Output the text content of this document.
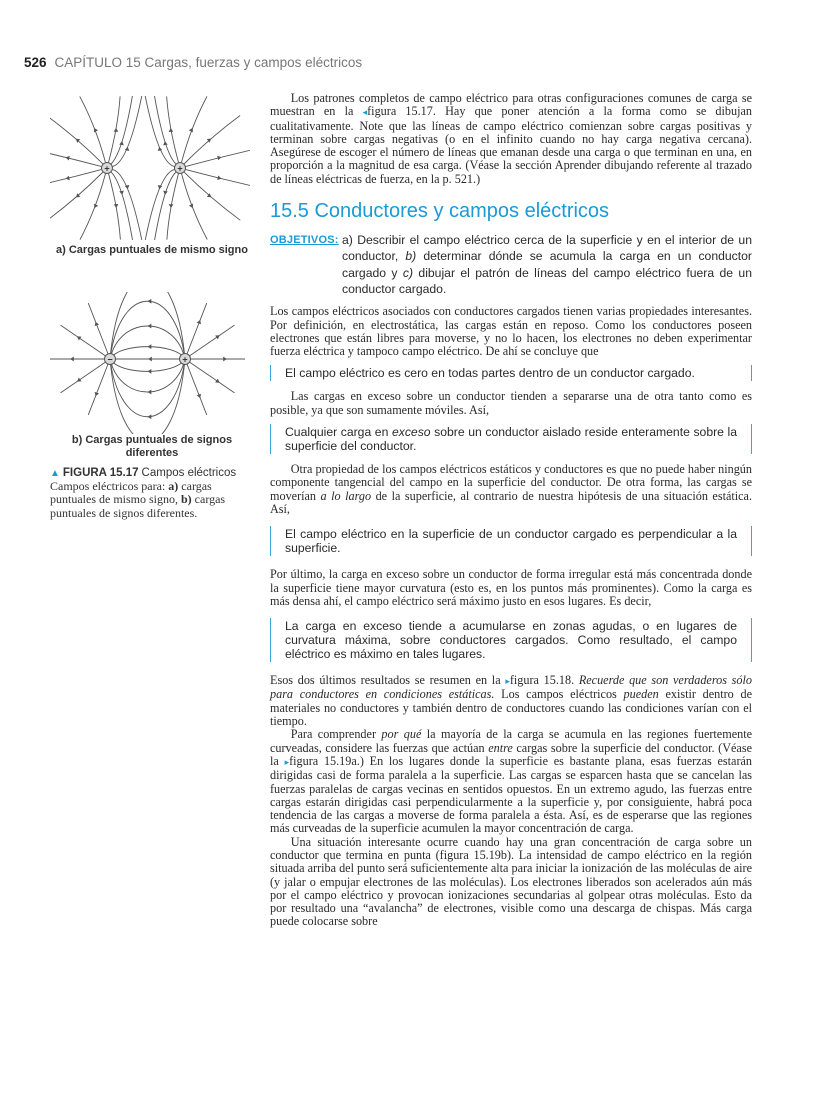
526 CAPÍTULO 15 Cargas, fuerzas y campos eléctricos
+	+
a) Cargas puntuales de mismo signo
−	+
b) Cargas puntuales de signos diferentes
▲ FIGURA 15.17 Campos eléctricos
Campos eléctricos para: a) cargas puntuales de mismo signo, b) cargas puntuales de signos diferentes.

Los patrones completos de campo eléctrico para otras configuraciones comunes de carga se muestran en la ◂figura 15.17. Hay que poner atención a la forma como se dibujan cualitativamente. Note que las líneas de campo eléctrico comienzan sobre cargas positivas y terminan sobre cargas negativas (o en el infinito cuando no hay carga negativa cercana). Asegúrese de escoger el número de líneas que emanan desde una carga o que terminan en una, en proporción a la magnitud de esa carga. (Véase la sección Aprender dibujando referente al trazado de líneas eléctricas de fuerza, en la p. 521.)

15.5 Conductores y campos eléctricos
OBJETIVOS: a) Describir el campo eléctrico cerca de la superficie y en el interior de un conductor, b) determinar dónde se acumula la carga en un conductor cargado y c) dibujar el patrón de líneas del campo eléctrico fuera de un conductor cargado.

Los campos eléctricos asociados con conductores cargados tienen varias propiedades interesantes. Por definición, en electrostática, las cargas están en reposo. Como los conductores poseen electrones que están libres para moverse, y no lo hacen, los electrones no deben experimentar fuerza eléctrica y tampoco campo eléctrico. De ahí se concluye que

El campo eléctrico es cero en todas partes dentro de un conductor cargado.

Las cargas en exceso sobre un conductor tienden a separarse una de otra tanto como es posible, ya que son sumamente móviles. Así,

Cualquier carga en exceso sobre un conductor aislado reside enteramente sobre la superficie del conductor.

Otra propiedad de los campos eléctricos estáticos y conductores es que no puede haber ningún componente tangencial del campo en la superficie del conductor. De otra forma, las cargas se moverían a lo largo de la superficie, al contrario de nuestra hipótesis de una situación estática. Así,

El campo eléctrico en la superficie de un conductor cargado es perpendicular a la superficie.

Por último, la carga en exceso sobre un conductor de forma irregular está más concentrada donde la superficie tiene mayor curvatura (esto es, en los puntos más prominentes). Como la carga es más densa ahí, el campo eléctrico será máximo justo en esos lugares. Es decir,

La carga en exceso tiende a acumularse en zonas agudas, o en lugares de curvatura máxima, sobre conductores cargados. Como resultado, el campo eléctrico es máximo en tales lugares.

Esos dos últimos resultados se resumen en la ▸figura 15.18. Recuerde que son verdaderos sólo para conductores en condiciones estáticas. Los campos eléctricos pueden existir dentro de materiales no conductores y también dentro de conductores cuando las condiciones varían con el tiempo.

Para comprender por qué la mayoría de la carga se acumula en las regiones fuertemente curveadas, considere las fuerzas que actúan entre cargas sobre la superficie del conductor. (Véase la ▸figura 15.19a.) En los lugares donde la superficie es bastante plana, esas fuerzas estarán dirigidas casi de forma paralela a la superficie. Las cargas se esparcen hasta que se cancelan las fuerzas paralelas de cargas vecinas en sentidos opuestos. En un extremo agudo, las fuerzas entre cargas estarán dirigidas casi perpendicularmente a la superficie y, por consiguiente, habrá poca tendencia de las cargas a moverse de forma paralela a ésta. Así, es de esperarse que las regiones más curveadas de la superficie acumulen la mayor concentración de carga.

Una situación interesante ocurre cuando hay una gran concentración de carga sobre un conductor que termina en punta (figura 15.19b). La intensidad de campo eléctrico en la región situada arriba del punto será suficientemente alta para iniciar la ionización de las moléculas de aire (y jalar o empujar electrones de las moléculas). Los electrones liberados son acelerados aún más por el campo eléctrico y provocan ionizaciones secundarias al golpear otras moléculas. Esto da por resultado una “avalancha” de electrones, visible como una descarga de chispas. Más carga puede colocarse sobre
